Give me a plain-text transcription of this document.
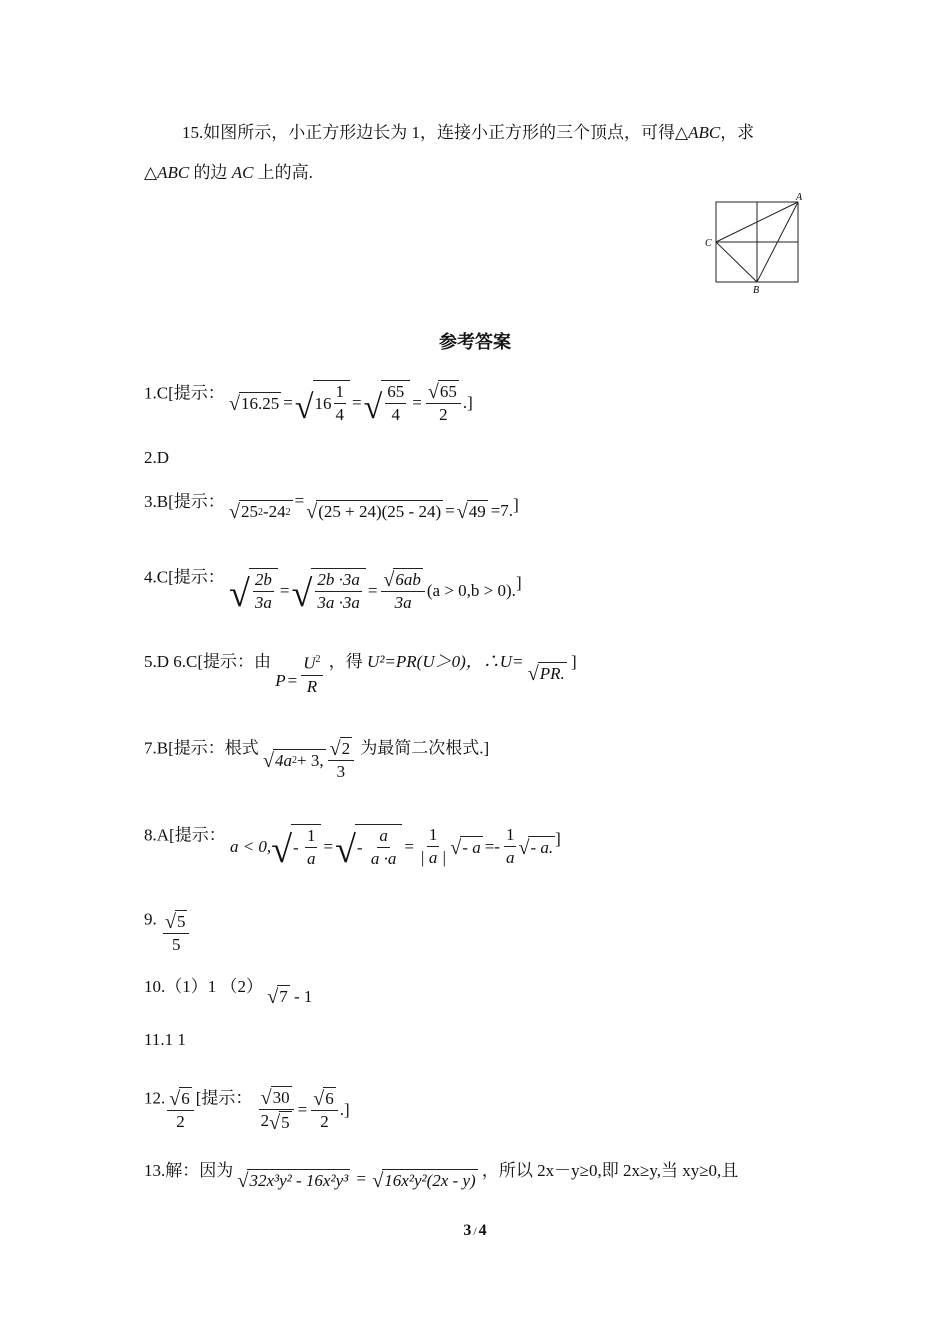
15.如图所示，小正方形边长为 1，连接小正方形的三个顶点，可得△ABC，求
△ABC 的边 AC 上的高.
A
C
B
参考答案
1.C[提示： √ 16.25 = √ $16 \frac{1}{4}$ = √ $\frac{65}{4} = \frac{√ 65}{2}$ .]
2.D
3.B[提示： √ 25 2 - 24 2
=
√ (25 + 24)(25 - 24) = √ 49 =7. ]
4.C[提示： √ $\frac{2b}{3a}$ = √ $\frac{2b \cdot 3a}{3a \cdot 3a} = \frac{√ 6ab}{3a} (a > 0,b > 0)$. ]
5.D 6.C[提示：由
$P = \frac{U^2}{R}$ ，得 U²=PR(U＞0)，∴U=
√ PR.
]
7.B[提示：根式
√ 4a 2 + 3, $\frac{√ 2}{3}$ 为最简二次根式.]
8.A[提示：
a < 0, √ - $\frac{1}{a}$ = √ - $\frac{a}{a \cdot a} = \frac{1}{| a |}$ √ - $a =- \frac{1}{a}$ √ - a. ]
9. $\frac{√ 5}{5}$
10.（1）1 （2） √ 7 - 1
11.1 1
12. $\frac{√ 6}{2}$ [提示： $\frac{√ 30}{2 √ 5} = \frac{√ 6}{2}$ .]
13.解：因为 √ 32x³y² - 16x²y³ = √ 16x²y²(2x - y)
，所以 2x－y≥0,即 2x≥y,当 xy≥0,且
3 / 4
